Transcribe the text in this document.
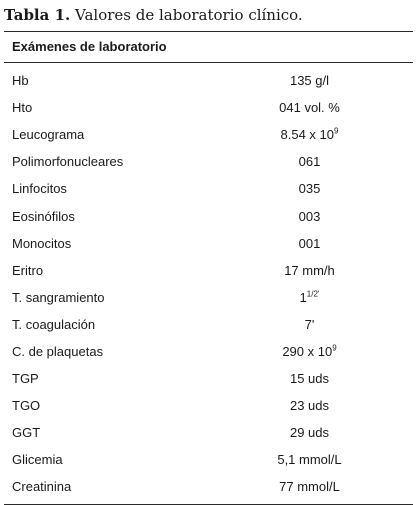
Tabla 1. Valores de laboratorio clínico.
Exámenes de laboratorio
Hb	135 g/l
Hto	041 vol. %
Leucograma	8.54 x $10^9$
Polimorfonucleares	061
Linfocitos	035
Eosinófilos	003
Monocitos	001
Eritro	17 mm/h
T. sangramiento	$1^{1/2'}$
T. coagulación	7'
C. de plaquetas	290 x $10^9$
TGP	15 uds
TGO	23 uds
GGT	29 uds
Glicemia	5,1 mmol/L
Creatinina	77 mmol/L
